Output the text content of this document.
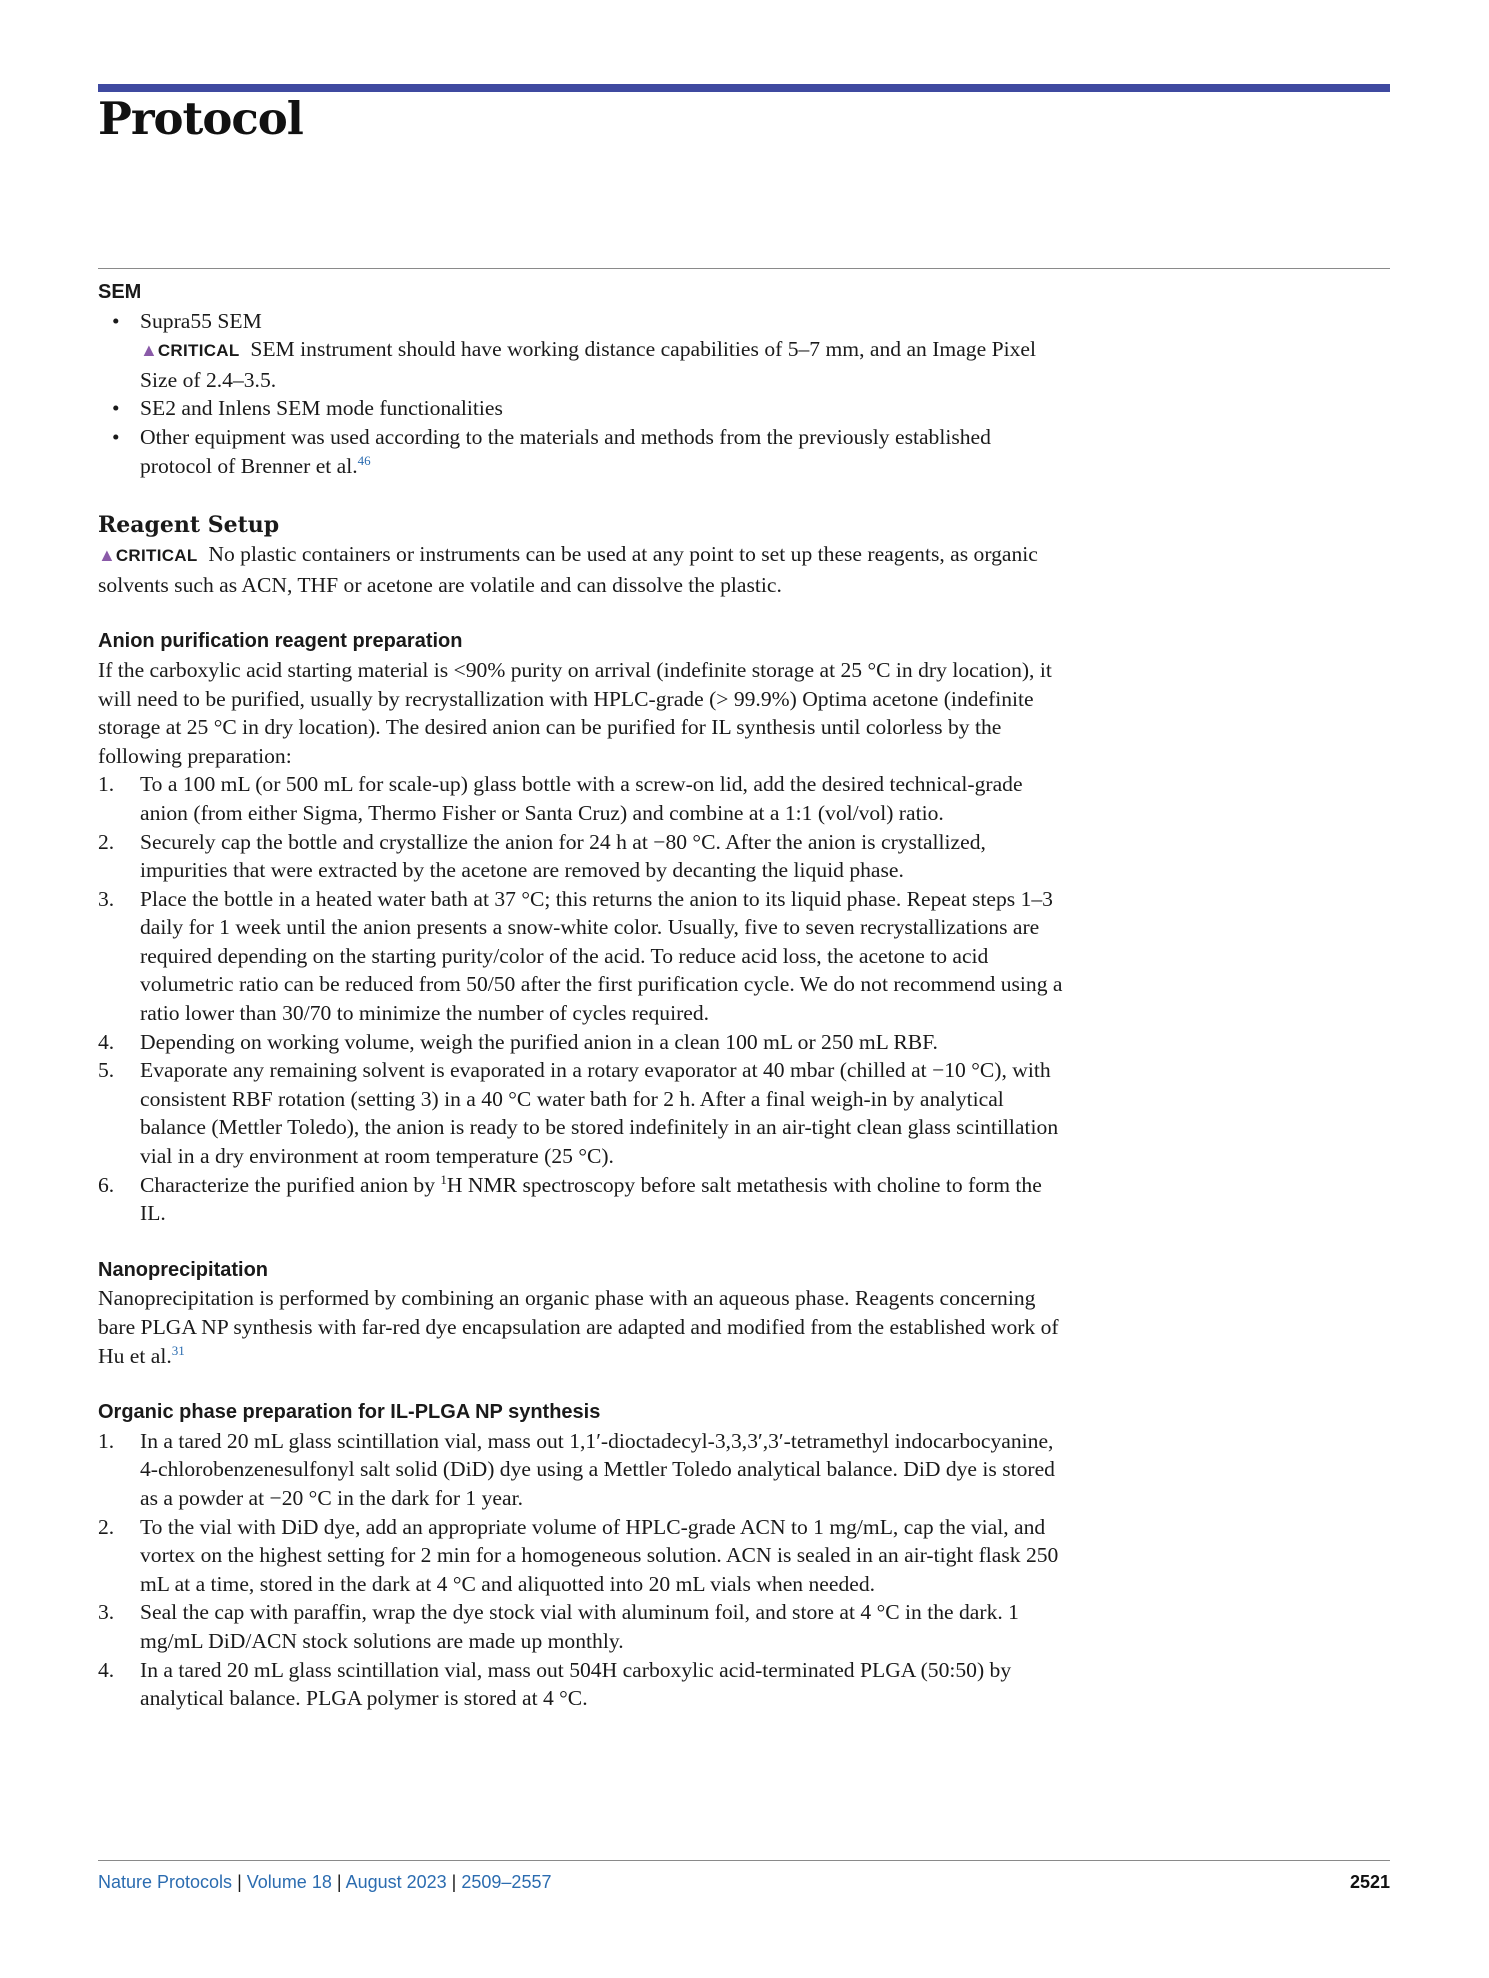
Protocol

SEM

• Supra55 SEM
▲CRITICAL SEM instrument should have working distance capabilities of 5–7 mm, and an Image Pixel Size of 2.4–3.5.
• SE2 and Inlens SEM mode functionalities
• Other equipment was used according to the materials and methods from the previously established protocol of Brenner et al.$^{46}$

Reagent Setup

▲CRITICAL No plastic containers or instruments can be used at any point to set up these reagents, as organic solvents such as ACN, THF or acetone are volatile and can dissolve the plastic.

Anion purification reagent preparation

If the carboxylic acid starting material is <90% purity on arrival (indefinite storage at 25 °C in dry location), it will need to be purified, usually by recrystallization with HPLC-grade (> 99.9%) Optima acetone (indefinite storage at 25 °C in dry location). The desired anion can be purified for IL synthesis until colorless by the following preparation:

1. To a 100 mL (or 500 mL for scale-up) glass bottle with a screw-on lid, add the desired technical-grade anion (from either Sigma, Thermo Fisher or Santa Cruz) and combine at a 1:1 (vol/vol) ratio.
2. Securely cap the bottle and crystallize the anion for 24 h at −80 °C. After the anion is crystallized, impurities that were extracted by the acetone are removed by decanting the liquid phase.
3. Place the bottle in a heated water bath at 37 °C; this returns the anion to its liquid phase. Repeat steps 1–3 daily for 1 week until the anion presents a snow-white color. Usually, five to seven recrystallizations are required depending on the starting purity/color of the acid. To reduce acid loss, the acetone to acid volumetric ratio can be reduced from 50/50 after the first purification cycle. We do not recommend using a ratio lower than 30/70 to minimize the number of cycles required.
4. Depending on working volume, weigh the purified anion in a clean 100 mL or 250 mL RBF.
5. Evaporate any remaining solvent is evaporated in a rotary evaporator at 40 mbar (chilled at −10 °C), with consistent RBF rotation (setting 3) in a 40 °C water bath for 2 h. After a final weigh-in by analytical balance (Mettler Toledo), the anion is ready to be stored indefinitely in an air-tight clean glass scintillation vial in a dry environment at room temperature (25 °C).
6. Characterize the purified anion by $^1$H NMR spectroscopy before salt metathesis with choline to form the IL.

Nanoprecipitation

Nanoprecipitation is performed by combining an organic phase with an aqueous phase. Reagents concerning bare PLGA NP synthesis with far-red dye encapsulation are adapted and modified from the established work of Hu et al.$^{31}$

Organic phase preparation for IL-PLGA NP synthesis

1. In a tared 20 mL glass scintillation vial, mass out 1,1′-dioctadecyl-3,3,3′,3′-tetramethyl indocarbocyanine, 4-chlorobenzenesulfonyl salt solid (DiD) dye using a Mettler Toledo analytical balance. DiD dye is stored as a powder at −20 °C in the dark for 1 year.
2. To the vial with DiD dye, add an appropriate volume of HPLC-grade ACN to 1 mg/mL, cap the vial, and vortex on the highest setting for 2 min for a homogeneous solution. ACN is sealed in an air-tight flask 250 mL at a time, stored in the dark at 4 °C and aliquotted into 20 mL vials when needed.
3. Seal the cap with paraffin, wrap the dye stock vial with aluminum foil, and store at 4 °C in the dark. 1 mg/mL DiD/ACN stock solutions are made up monthly.
4. In a tared 20 mL glass scintillation vial, mass out 504H carboxylic acid-terminated PLGA (50:50) by analytical balance. PLGA polymer is stored at 4 °C.
Nature Protocols | Volume 18 | August 2023 | 2509–2557	2521
